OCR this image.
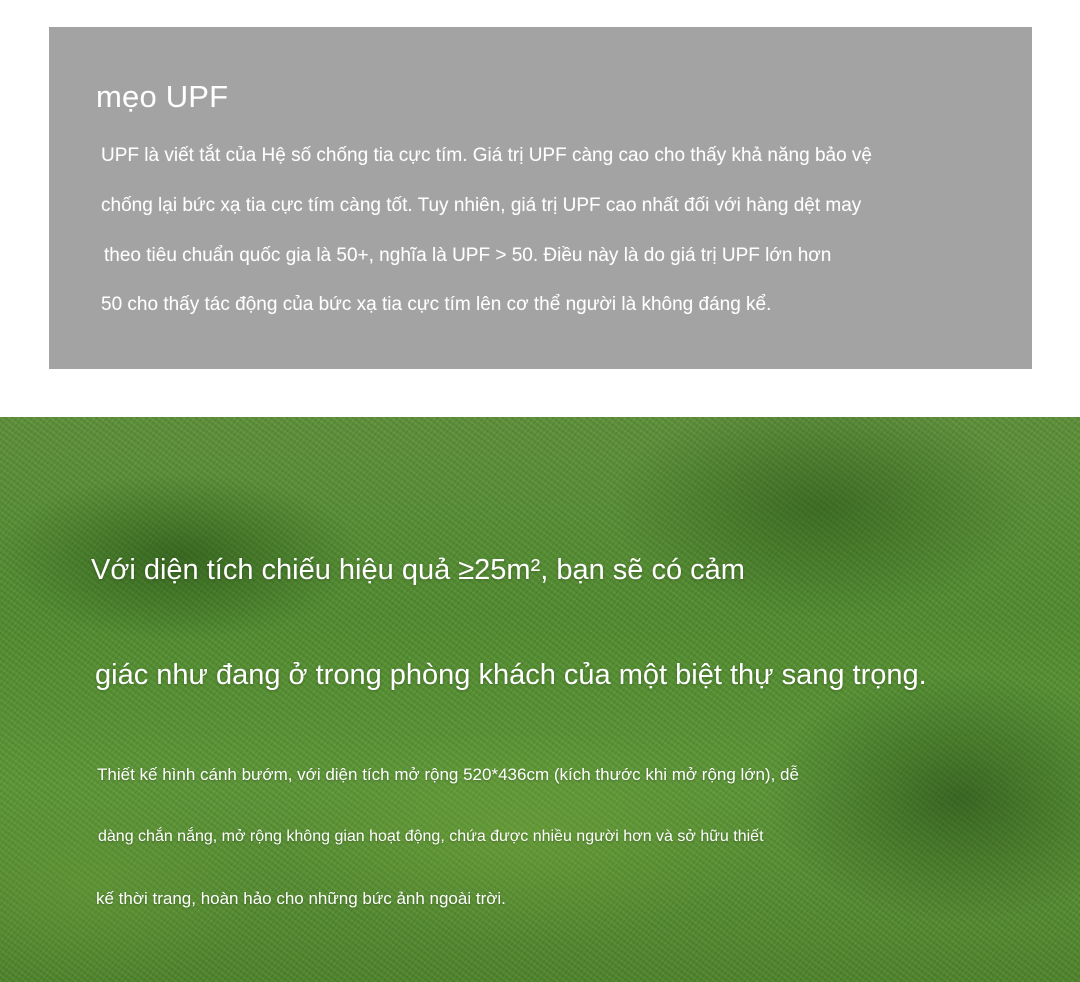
mẹo UPF

UPF là viết tắt của Hệ số chống tia cực tím. Giá trị UPF càng cao cho thấy khả năng bảo vệ

chống lại bức xạ tia cực tím càng tốt. Tuy nhiên, giá trị UPF cao nhất đối với hàng dệt may

theo tiêu chuẩn quốc gia là 50+, nghĩa là UPF > 50. Điều này là do giá trị UPF lớn hơn

50 cho thấy tác động của bức xạ tia cực tím lên cơ thể người là không đáng kể.

Với diện tích chiếu hiệu quả ≥25m², bạn sẽ có cảm
giác như đang ở trong phòng khách của một biệt thự sang trọng.

Thiết kế hình cánh bướm, với diện tích mở rộng 520*436cm (kích thước khi mở rộng lớn), dễ

dàng chắn nắng, mở rộng không gian hoạt động, chứa được nhiều người hơn và sở hữu thiết

kế thời trang, hoàn hảo cho những bức ảnh ngoài trời.
